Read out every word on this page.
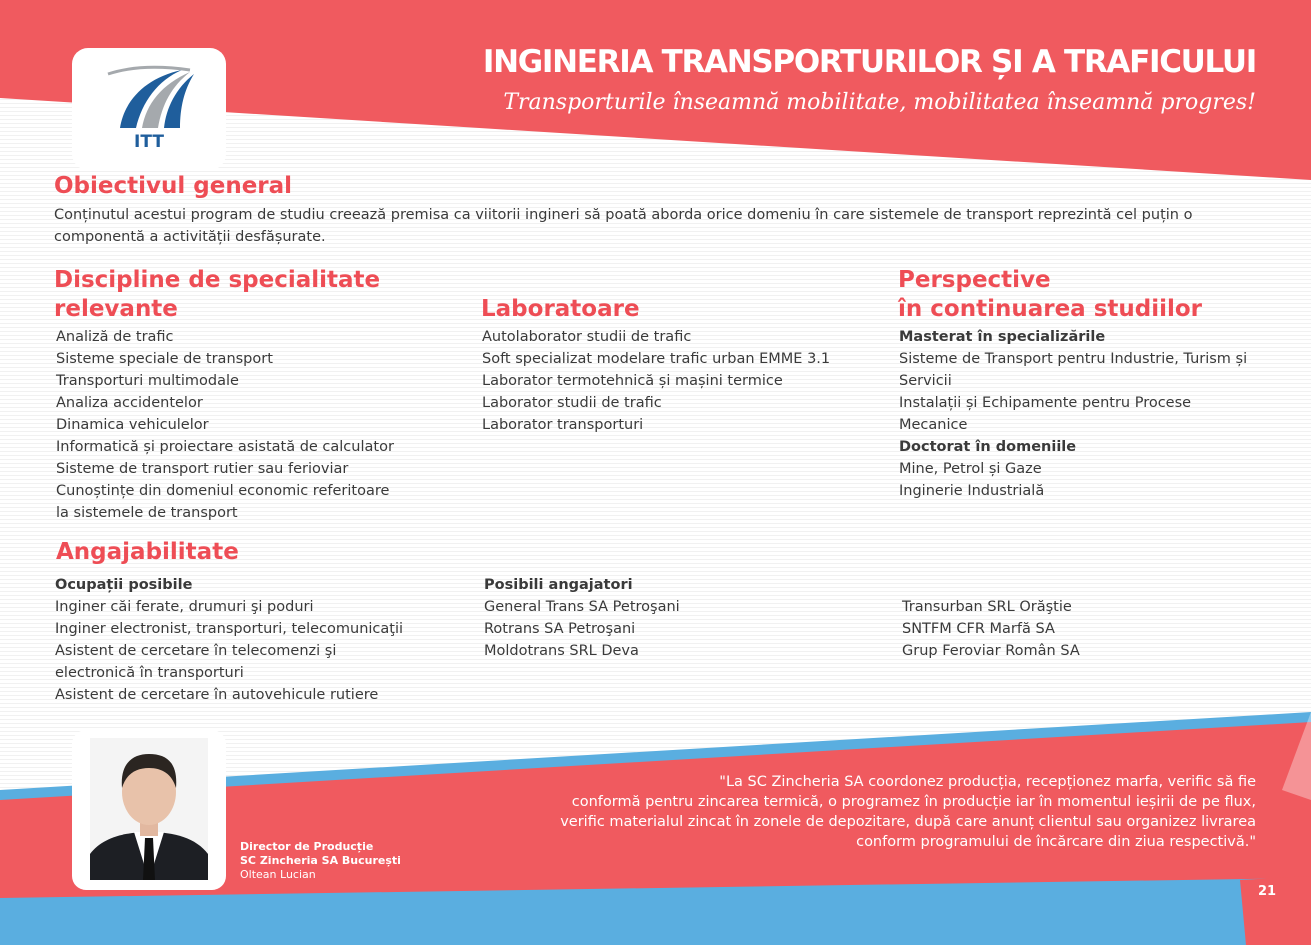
ITT
INGINERIA TRANSPORTURILOR ȘI A TRAFICULUI
Transporturile înseamnă mobilitate, mobilitatea înseamnă progres!
Obiectivul general
Conținutul acestui program de studiu creează premisa ca viitorii ingineri să poată aborda orice domeniu în care sistemele de transport reprezintă cel puțin o componentă a activității desfășurate.
Discipline de specialitate
relevante
Analiză de trafic
Sisteme speciale de transport
Transporturi multimodale
Analiza accidentelor
Dinamica vehiculelor
Informatică și proiectare asistată de calculator
Sisteme de transport rutier sau ferioviar
Cunoștințe din domeniul economic referitoare
la sistemele de transport
Laboratoare
Autolaborator studii de trafic
Soft specializat modelare trafic urban EMME 3.1
Laborator termotehnică și mașini termice
Laborator studii de trafic
Laborator transporturi
Perspective
în continuarea studiilor
Masterat în specializările
Sisteme de Transport pentru Industrie, Turism și
Servicii
Instalații și Echipamente pentru Procese
Mecanice
Doctorat în domeniile
Mine, Petrol și Gaze
Inginerie Industrială
Angajabilitate
Ocupații posibile
Inginer căi ferate, drumuri şi poduri
Inginer electronist, transporturi, telecomunicaţii
Asistent de cercetare în telecomenzi şi
electronică în transporturi
Asistent de cercetare în autovehicule rutiere
Posibili angajatori
General Trans SA Petroşani
Rotrans SA Petroşani
Moldotrans SRL Deva
Transurban SRL Orăştie
SNTFM CFR Marfă SA
Grup Feroviar Român SA
"La SC Zincheria SA coordonez producția, recepționez marfa, verific să fie
conformă pentru zincarea termică, o programez în producție iar în momentul ieșirii de pe flux,
verific materialul zincat în zonele de depozitare, după care anunț clientul sau organizez livrarea
conform programului de încărcare din ziua respectivă."
Director de Producție
SC Zincheria SA București
Oltean Lucian
21
